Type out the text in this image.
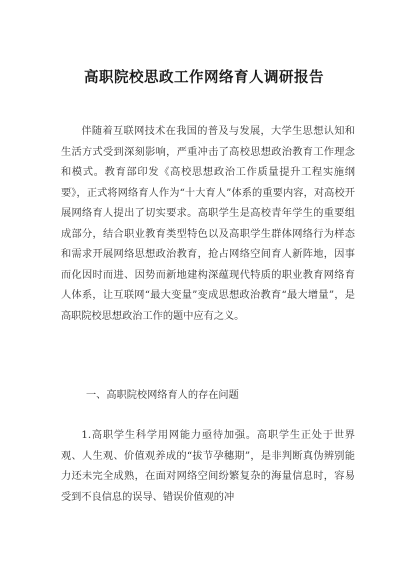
高职院校思政工作网络育人调研报告

伴随着互联网技术在我国的普及与发展，大学生思想认知和生活方式受到深刻影响，严重冲击了高校思想政治教育工作理念和模式。教育部印发《高校思想政治工作质量提升工程实施纲要》，正式将网络育人作为“十大育人”体系的重要内容，对高校开展网络育人提出了切实要求。高职学生是高校青年学生的重要组成部分，结合职业教育类型特色以及高职学生群体网络行为样态和需求开展网络思想政治教育，抢占网络空间育人新阵地，因事而化因时而进、因势而新地建构深蕴现代特质的职业教育网络育人体系，让互联网“最大变量”变成思想政治教育“最大增量”，是高职院校思想政治工作的题中应有之义。

一、高职院校网络育人的存在问题

1.高职学生科学用网能力亟待加强。高职学生正处于世界观、人生观、价值观养成的“拔节孕穗期”，是非判断真伪辨别能力还未完全成熟，在面对网络空间纷繁复杂的海量信息时，容易受到不良信息的误导、错误价值观的冲
